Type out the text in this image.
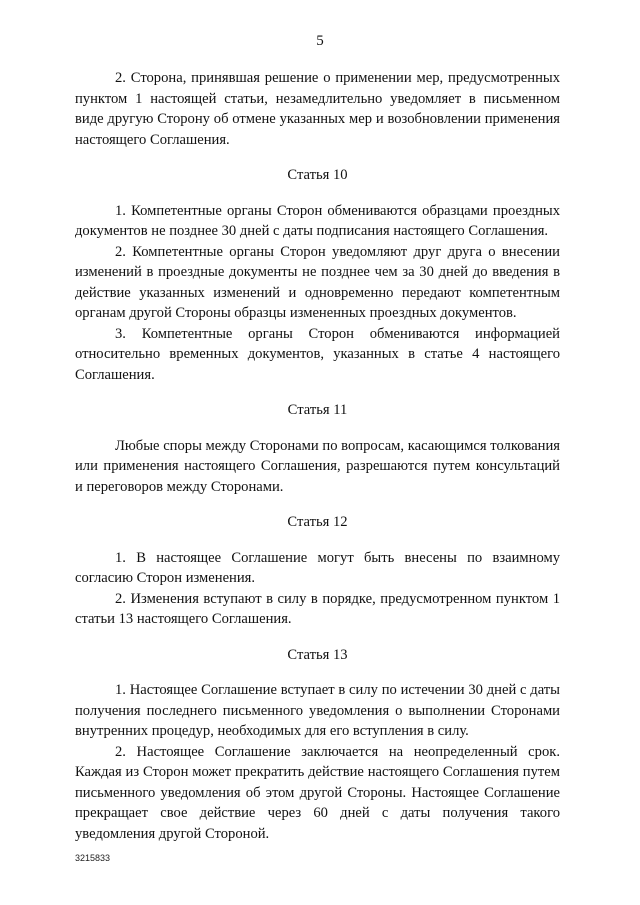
5

2. Сторона, принявшая решение о применении мер, предусмотренных пунктом 1 настоящей статьи, незамедлительно уведомляет в письменном виде другую Сторону об отмене указанных мер и возобновлении применения настоящего Соглашения.

Статья 10

1. Компетентные органы Сторон обмениваются образцами проездных документов не позднее 30 дней с даты подписания настоящего Соглашения.

2. Компетентные органы Сторон уведомляют друг друга о внесении изменений в проездные документы не позднее чем за 30 дней до введения в действие указанных изменений и одновременно передают компетентным органам другой Стороны образцы измененных проездных документов.

3. Компетентные органы Сторон обмениваются информацией относительно временных документов, указанных в статье 4 настоящего Соглашения.

Статья 11

Любые споры между Сторонами по вопросам, касающимся толкования или применения настоящего Соглашения, разрешаются путем консультаций и переговоров между Сторонами.

Статья 12

1. В настоящее Соглашение могут быть внесены по взаимному согласию Сторон изменения.

2. Изменения вступают в силу в порядке, предусмотренном пунктом 1 статьи 13 настоящего Соглашения.

Статья 13

1. Настоящее Соглашение вступает в силу по истечении 30 дней с даты получения последнего письменного уведомления о выполнении Сторонами внутренних процедур, необходимых для его вступления в силу.

2. Настоящее Соглашение заключается на неопределенный срок. Каждая из Сторон может прекратить действие настоящего Соглашения путем письменного уведомления об этом другой Стороны. Настоящее Соглашение прекращает свое действие через 60 дней с даты получения такого уведомления другой Стороной.

3215833
